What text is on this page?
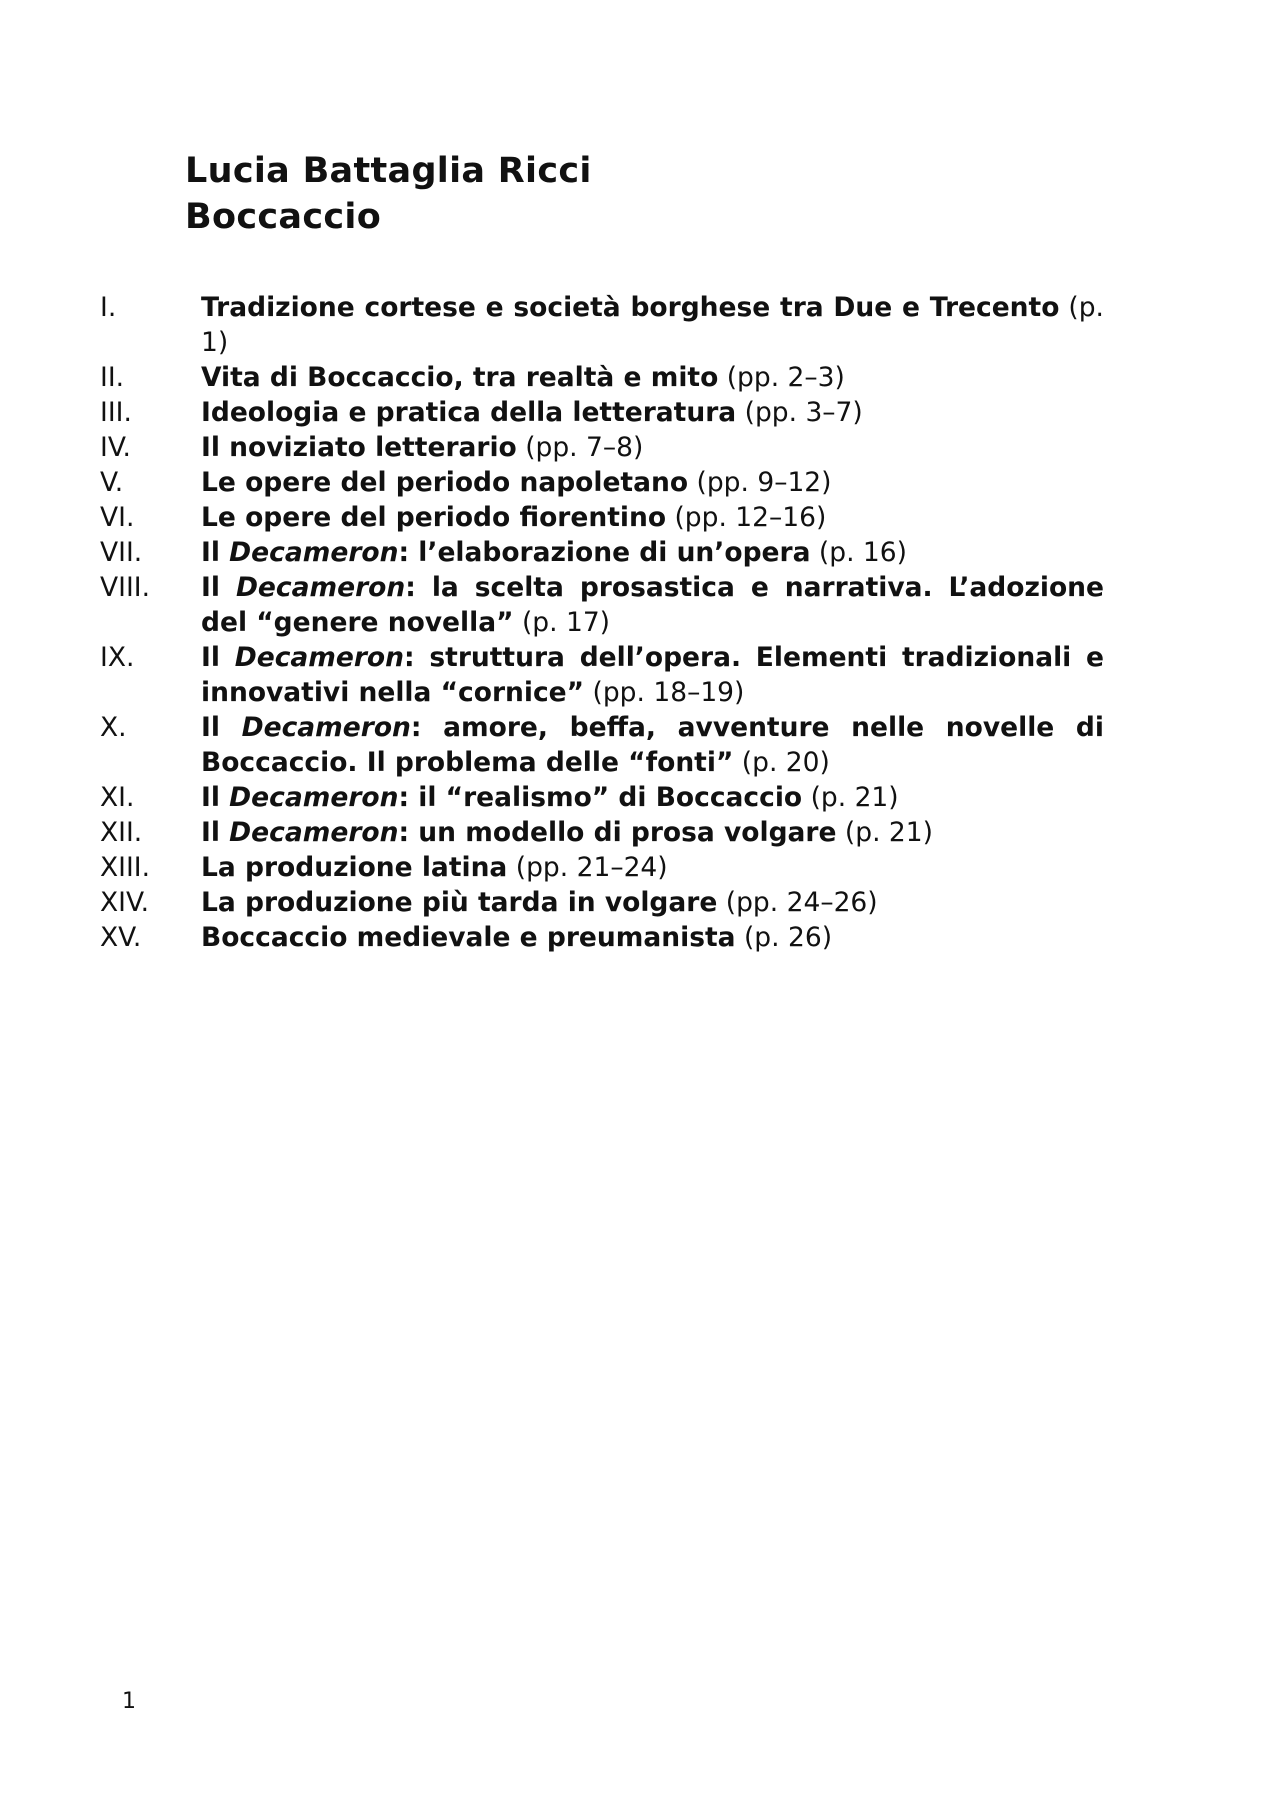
Lucia Battaglia Ricci
Boccaccio
I.	Tradizione cortese e società borghese tra Due e Trecento (p. 1)
II.	Vita di Boccaccio, tra realtà e mito (pp. 2–3)
III.	Ideologia e pratica della letteratura (pp. 3–7)
IV.	Il noviziato letterario (pp. 7–8)
V.	Le opere del periodo napoletano (pp. 9–12)
VI.	Le opere del periodo fiorentino (pp. 12–16)
VII.	Il Decameron: l’elaborazione di un’opera (p. 16)
VIII.	Il Decameron: la scelta prosastica e narrativa. L’adozione del “genere novella” (p. 17)
IX.	Il Decameron: struttura dell’opera. Elementi tradizionali e innovativi nella “cornice” (pp. 18–19)
X.	Il Decameron: amore, beffa, avventure nelle novelle di Boccaccio. Il problema delle “fonti” (p. 20)
XI.	Il Decameron: il “realismo” di Boccaccio (p. 21)
XII.	Il Decameron: un modello di prosa volgare (p. 21)
XIII.	La produzione latina (pp. 21–24)
XIV.	La produzione più tarda in volgare (pp. 24–26)
XV.	Boccaccio medievale e preumanista (p. 26)
1
